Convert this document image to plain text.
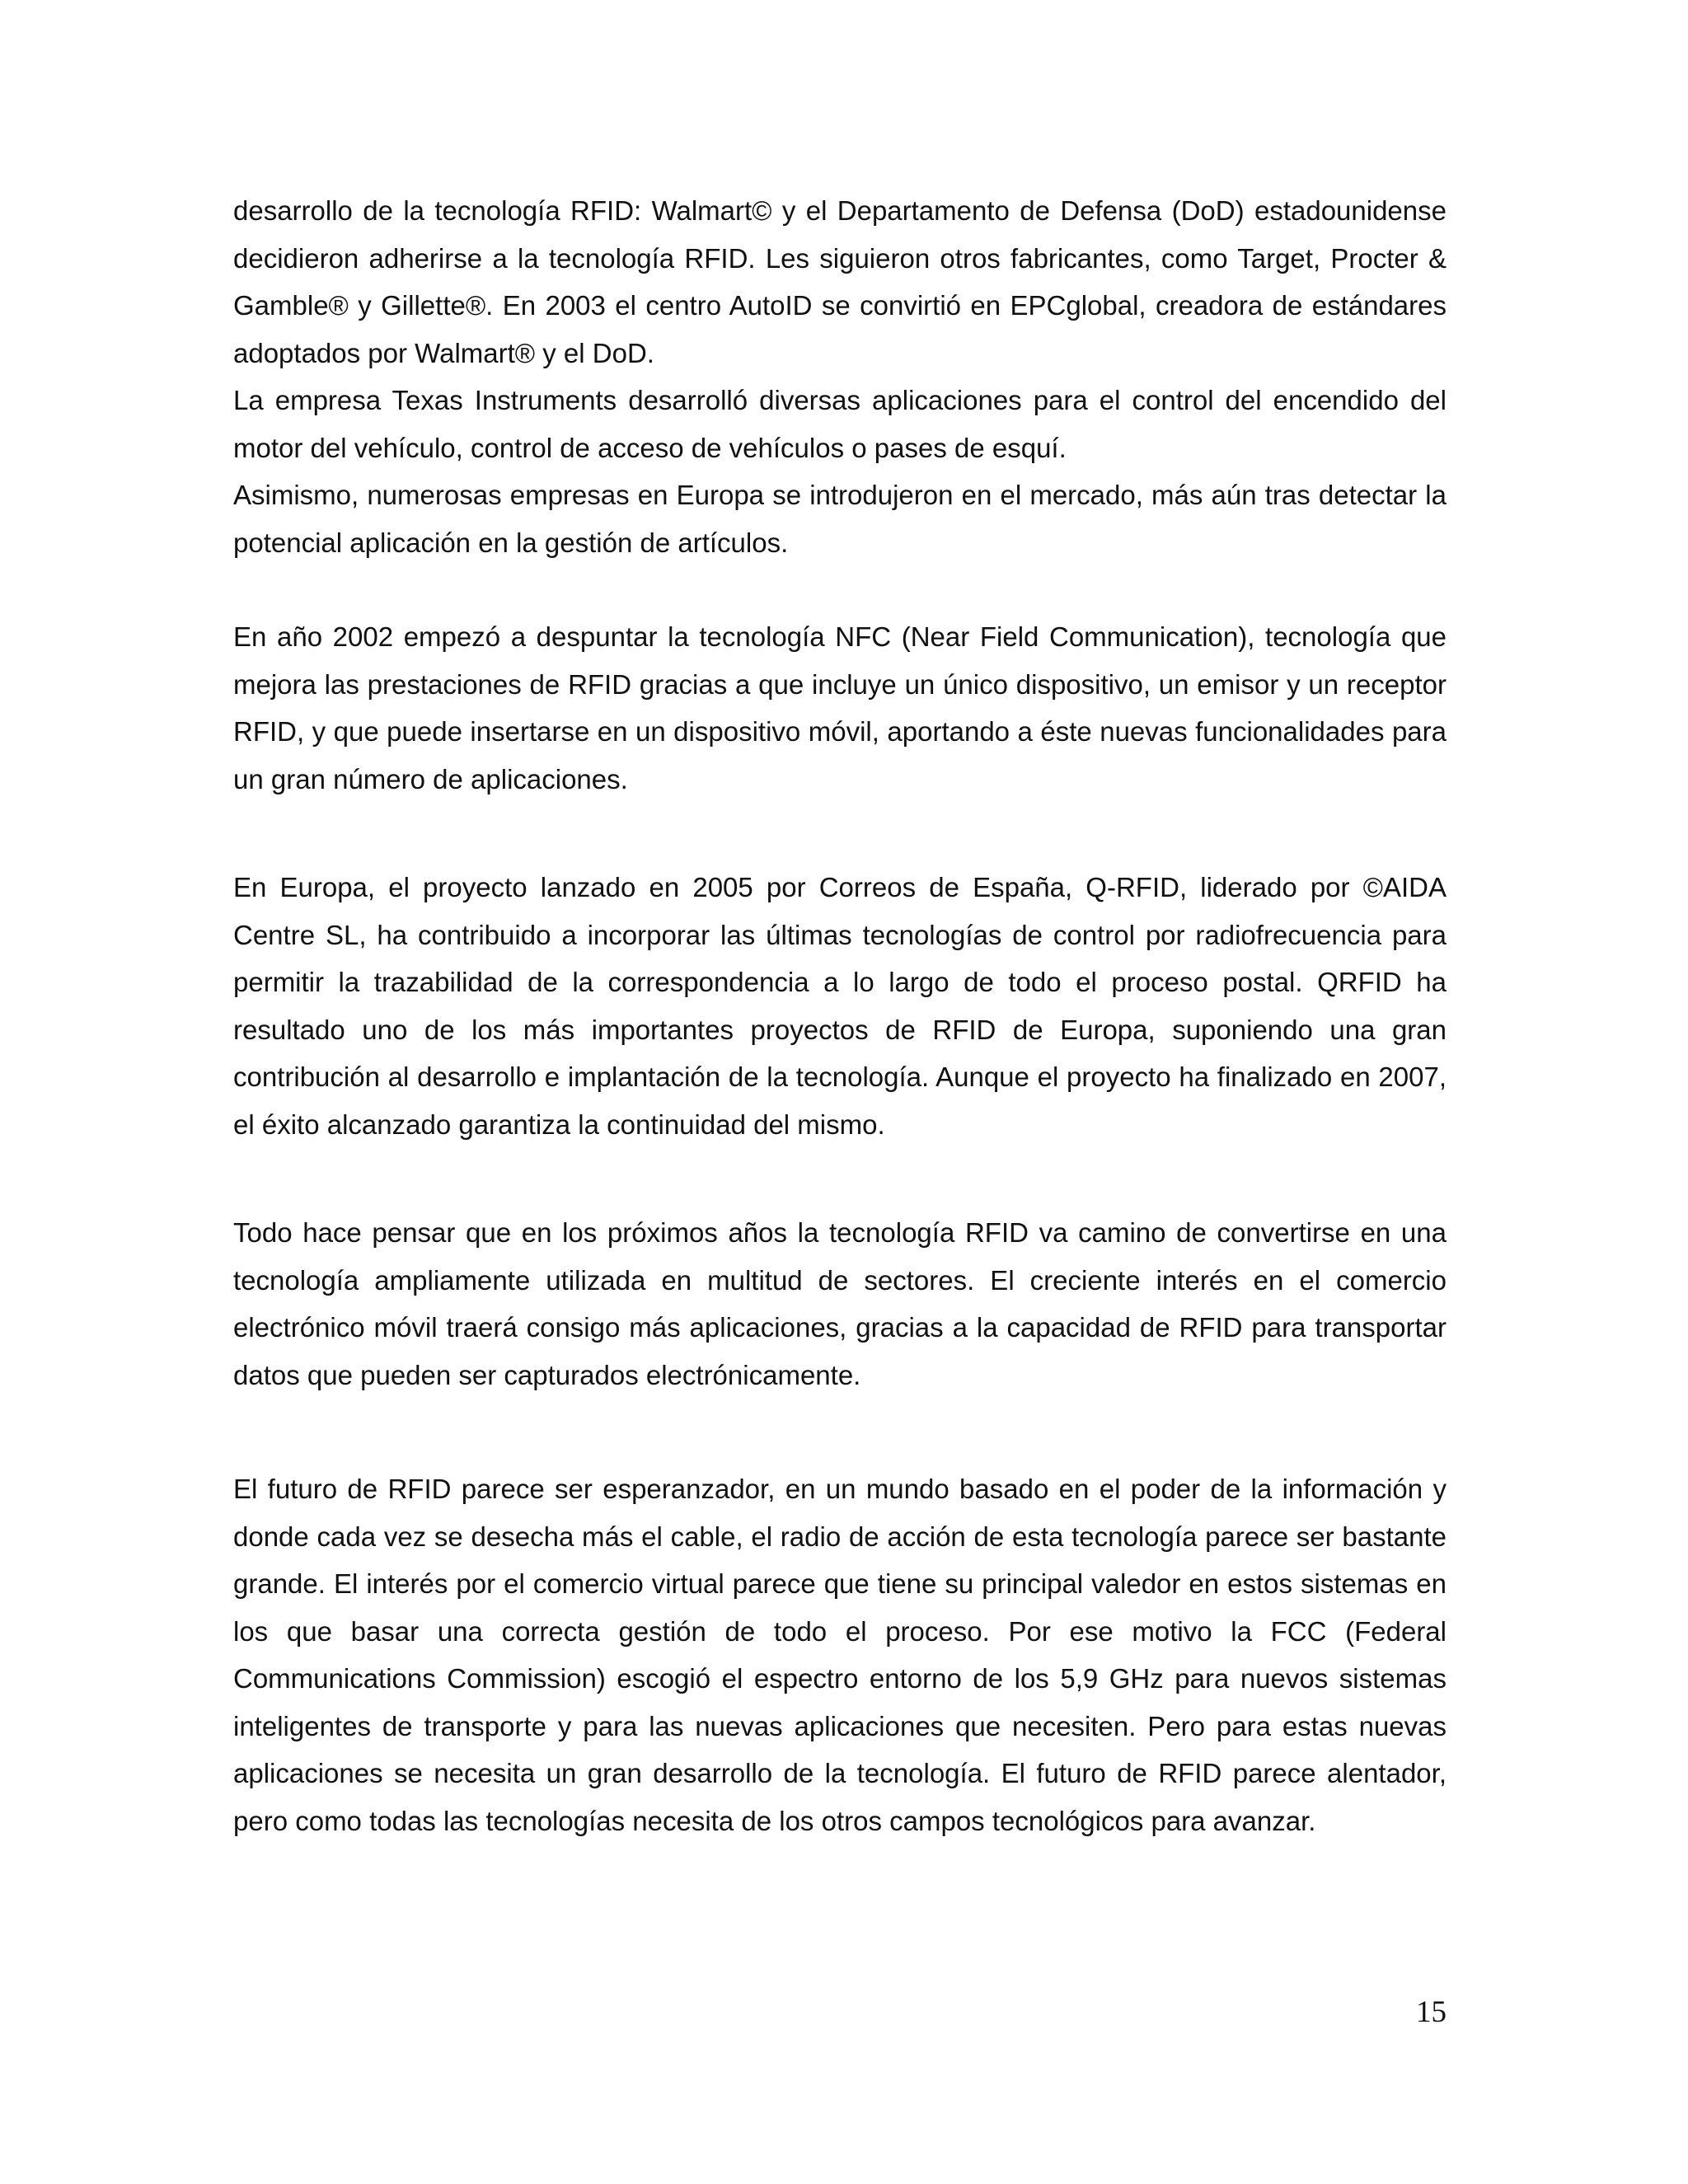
desarrollo de la tecnología RFID: Walmart© y el Departamento de Defensa (DoD) estadounidense decidieron adherirse a la tecnología RFID. Les siguieron otros fabricantes, como Target, Procter & Gamble® y Gillette®. En 2003 el centro AutoID se convirtió en EPCglobal, creadora de estándares adoptados por Walmart® y el DoD.

La empresa Texas Instruments desarrolló diversas aplicaciones para el control del encendido del motor del vehículo, control de acceso de vehículos o pases de esquí.

Asimismo, numerosas empresas en Europa se introdujeron en el mercado, más aún tras detectar la potencial aplicación en la gestión de artículos.

En año 2002 empezó a despuntar la tecnología NFC (Near Field Communication), tecnología que mejora las prestaciones de RFID gracias a que incluye un único dispositivo, un emisor y un receptor RFID, y que puede insertarse en un dispositivo móvil, aportando a éste nuevas funcionalidades para un gran número de aplicaciones.

En Europa, el proyecto lanzado en 2005 por Correos de España, Q-RFID, liderado por ©AIDA Centre SL, ha contribuido a incorporar las últimas tecnologías de control por radiofrecuencia para permitir la trazabilidad de la correspondencia a lo largo de todo el proceso postal. QRFID ha resultado uno de los más importantes proyectos de RFID de Europa, suponiendo una gran contribución al desarrollo e implantación de la tecnología. Aunque el proyecto ha finalizado en 2007, el éxito alcanzado garantiza la continuidad del mismo.

Todo hace pensar que en los próximos años la tecnología RFID va camino de convertirse en una tecnología ampliamente utilizada en multitud de sectores. El creciente interés en el comercio electrónico móvil traerá consigo más aplicaciones, gracias a la capacidad de RFID para transportar datos que pueden ser capturados electrónicamente.

El futuro de RFID parece ser esperanzador, en un mundo basado en el poder de la información y donde cada vez se desecha más el cable, el radio de acción de esta tecnología parece ser bastante grande. El interés por el comercio virtual parece que tiene su principal valedor en estos sistemas en los que basar una correcta gestión de todo el proceso. Por ese motivo la FCC (Federal Communications Commission) escogió el espectro entorno de los 5,9 GHz para nuevos sistemas inteligentes de transporte y para las nuevas aplicaciones que necesiten. Pero para estas nuevas aplicaciones se necesita un gran desarrollo de la tecnología. El futuro de RFID parece alentador, pero como todas las tecnologías necesita de los otros campos tecnológicos para avanzar.

15
